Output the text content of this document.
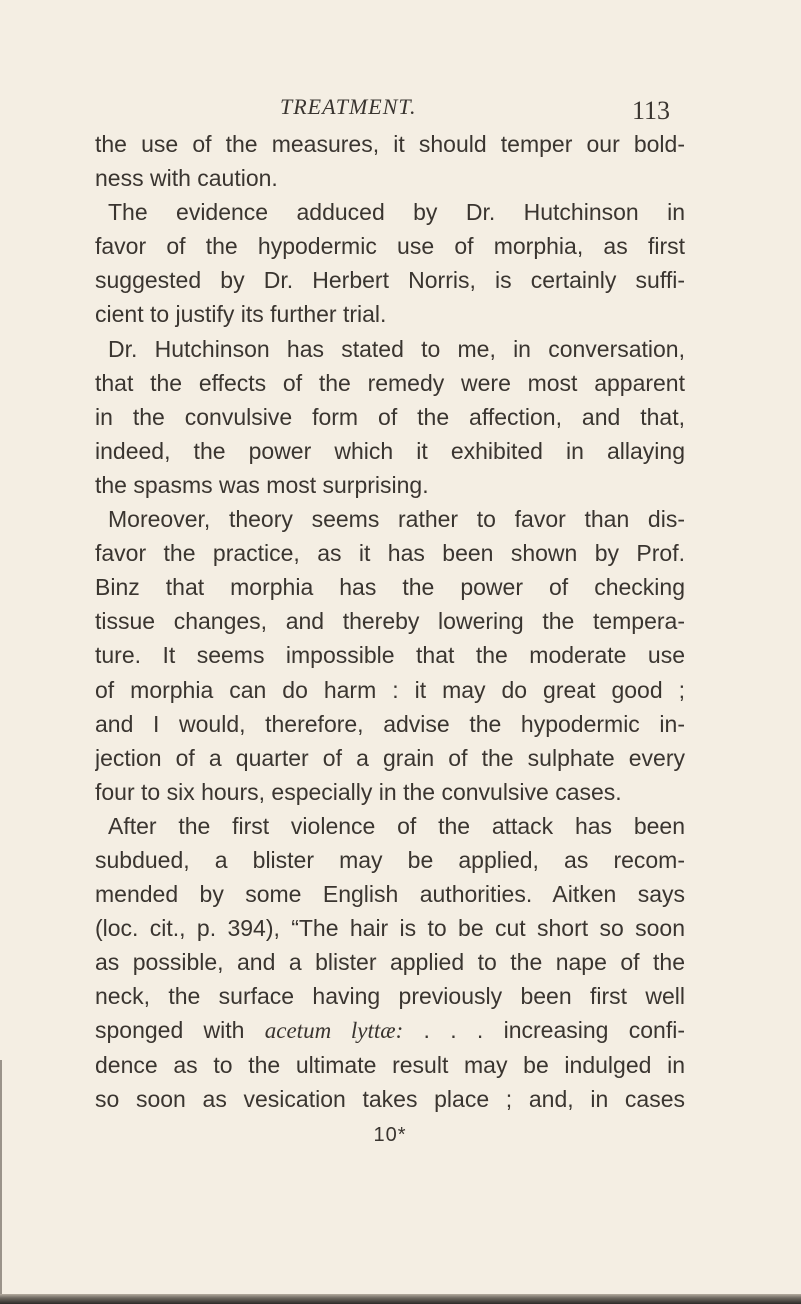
TREATMENT.	113
the use of the measures, it should temper our bold-
ness with caution.
The evidence adduced by Dr. Hutchinson in
favor of the hypodermic use of morphia, as first
suggested by Dr. Herbert Norris, is certainly suffi-
cient to justify its further trial.
Dr. Hutchinson has stated to me, in conversation,
that the effects of the remedy were most apparent
in the convulsive form of the affection, and that,
indeed, the power which it exhibited in allaying
the spasms was most surprising.
Moreover, theory seems rather to favor than dis-
favor the practice, as it has been shown by Prof.
Binz that morphia has the power of checking
tissue changes, and thereby lowering the tempera-
ture. It seems impossible that the moderate use
of morphia can do harm : it may do great good ;
and I would, therefore, advise the hypodermic in-
jection of a quarter of a grain of the sulphate every
four to six hours, especially in the convulsive cases.
After the first violence of the attack has been
subdued, a blister may be applied, as recom-
mended by some English authorities. Aitken says
(loc. cit., p. 394), “The hair is to be cut short so soon
as possible, and a blister applied to the nape of the
neck, the surface having previously been first well
sponged with acetum lyttæ: . . . increasing confi-
dence as to the ultimate result may be indulged in
so soon as vesication takes place ; and, in cases
10*
